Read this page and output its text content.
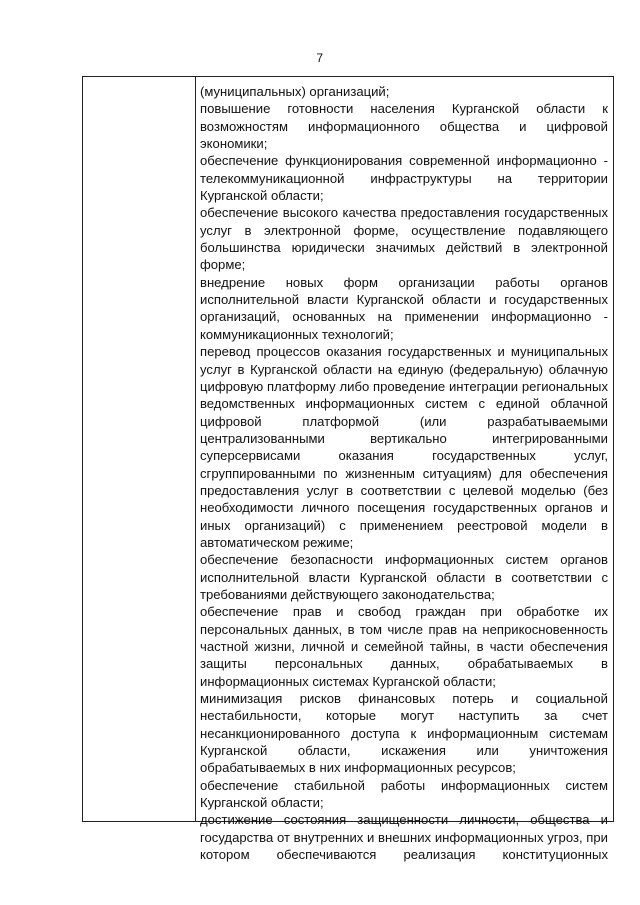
7

(муниципальных) организаций;

повышение готовности населения Курганской области к возможностям информационного общества и цифровой экономики;

обеспечение функционирования современной информационно - телекоммуникационной инфраструктуры на территории Курганской области;

обеспечение высокого качества предоставления государственных услуг в электронной форме, осуществление подавляющего большинства юридически значимых действий в электронной форме;

внедрение новых форм организации работы органов исполнительной власти Курганской области и государственных организаций, основанных на применении информационно - коммуникационных технологий;

перевод процессов оказания государственных и муниципальных услуг в Курганской области на единую (федеральную) облачную цифровую платформу либо проведение интеграции региональных ведомственных информационных систем с единой облачной цифровой платформой (или разрабатываемыми централизованными вертикально интегрированными суперсервисами оказания государственных услуг, сгруппированными по жизненным ситуациям) для обеспечения предоставления услуг в соответствии с целевой моделью (без необходимости личного посещения государственных органов и иных организаций) с применением реестровой модели в автоматическом режиме;

обеспечение безопасности информационных систем органов исполнительной власти Курганской области в соответствии с требованиями действующего законодательства;

обеспечение прав и свобод граждан при обработке их персональных данных, в том числе прав на неприкосновенность частной жизни, личной и семейной тайны, в части обеспечения защиты персональных данных, обрабатываемых в информационных системах Курганской области;

минимизация рисков финансовых потерь и социальной нестабильности, которые могут наступить за счет несанкционированного доступа к информационным системам Курганской области, искажения или уничтожения обрабатываемых в них информационных ресурсов;

обеспечение стабильной работы информационных систем Курганской области;

достижение состояния защищенности личности, общества и государства от внутренних и внешних информационных угроз, при котором обеспечиваются реализация конституционных
